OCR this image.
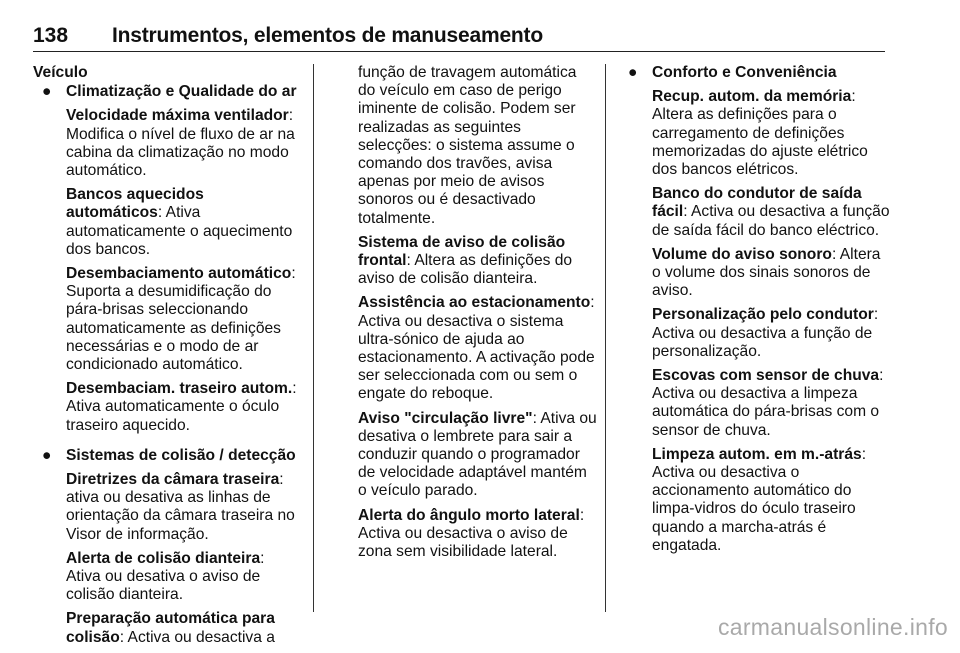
138 Instrumentos, elementos de manuseamento
Veículo
● Climatização e Qualidade do ar
Velocidade máxima ventilador: Modifica o nível de fluxo de ar na cabina da climatização no modo automático.
Bancos aquecidos automáticos: Ativa automaticamente o aquecimento dos bancos.
Desembaciamento automático: Suporta a desumidificação do pára-brisas seleccionando automaticamente as definições necessárias e o modo de ar condicionado automático.
Desembaciam. traseiro autom.: Ativa automaticamente o óculo traseiro aquecido.
● Sistemas de colisão / detecção
Diretrizes da câmara traseira: ativa ou desativa as linhas de orientação da câmara traseira no Visor de informação.
Alerta de colisão dianteira: Ativa ou desativa o aviso de colisão dianteira.
Preparação automática para colisão: Activa ou desactiva a
função de travagem automática do veículo em caso de perigo iminente de colisão. Podem ser realizadas as seguintes selecções: o sistema assume o comando dos travões, avisa apenas por meio de avisos sonoros ou é desactivado totalmente.
Sistema de aviso de colisão frontal: Altera as definições do aviso de colisão dianteira.
Assistência ao estacionamento: Activa ou desactiva o sistema ultra-sónico de ajuda ao estacionamento. A activação pode ser seleccionada com ou sem o engate do reboque.
Aviso "circulação livre": Ativa ou desativa o lembrete para sair a conduzir quando o programador de velocidade adaptável mantém o veículo parado.
Alerta do ângulo morto lateral: Activa ou desactiva o aviso de zona sem visibilidade lateral.
● Conforto e Conveniência
Recup. autom. da memória: Altera as definições para o carregamento de definições memorizadas do ajuste elétrico dos bancos elétricos.
Banco do condutor de saída fácil: Activa ou desactiva a função de saída fácil do banco eléctrico.
Volume do aviso sonoro: Altera o volume dos sinais sonoros de aviso.
Personalização pelo condutor: Activa ou desactiva a função de personalização.
Escovas com sensor de chuva: Activa ou desactiva a limpeza automática do pára-brisas com o sensor de chuva.
Limpeza autom. em m.-atrás: Activa ou desactiva o accionamento automático do limpa-vidros do óculo traseiro quando a marcha-atrás é engatada.
carmanualsonline.info
